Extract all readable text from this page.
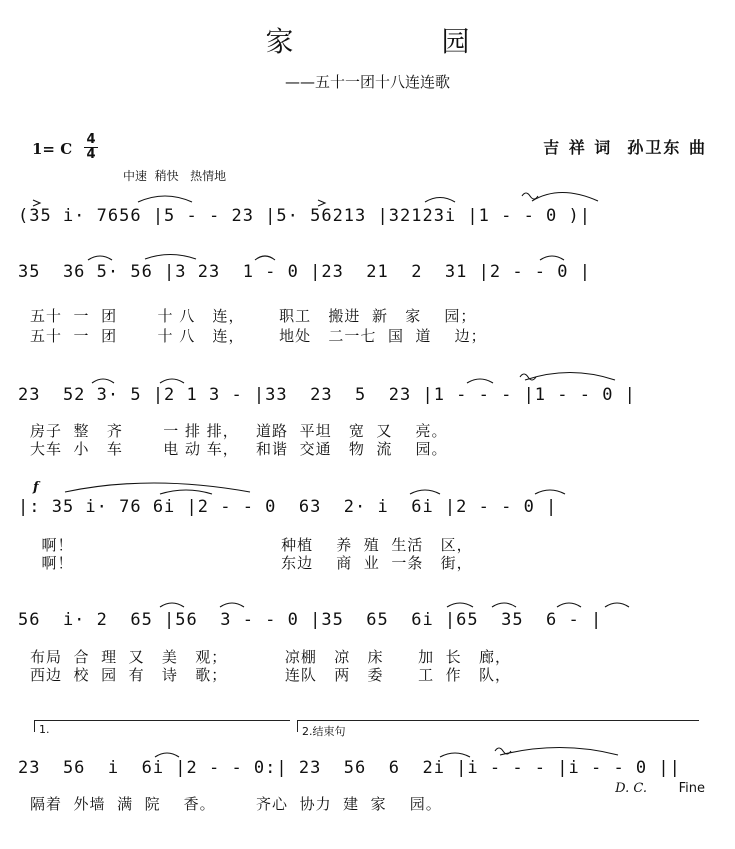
家　园
——五十一团十八连连歌
1= C
4
4	吉 祥 词  孙卫东 曲
中速  稍快   热情地
(35 i· 7656 |5 - - 23 |5· 56213 |32123i |1 - - 0 )|
35  36 5· 56 |3 23  1 - 0 |23  21  2  31 |2 - - 0 |
五十  一  团       十 八   连，      职工   搬进  新   家    园；
五十  一  团       十 八   连，      地处   二一七  国  道    边；
23  52 3· 5 |2 1 3 - |33  23  5  23 |1 - - - |1 - - 0 |
房子  整   齐       一 排 排，   道路  平坦   宽  又    亮。
大车  小   车       电 动 车，   和谐  交通   物  流    园。
f
|: 35 i· 76 6i |2 - - 0  63  2· i  6i |2 - - 0 |
啊！                                    种植    养  殖  生活   区，
啊！                                    东边    商  业  一条   街，
56  i· 2  65 |56  3 - - 0 |35  65  6i |65  35  6 - |
布局  合  理  又   美   观；          凉棚   凉   床      加  长   廊，
西边  校  园  有   诗   歌；          连队   两   委      工  作   队，
1.	2.结束句
23  56  i  6i |2 - - 0:| 23  56  6  2i |i - - - |i - - 0 ||
D. C. Fine
隔着  外墙  满  院    香。       齐心  协力  建  家    园。
